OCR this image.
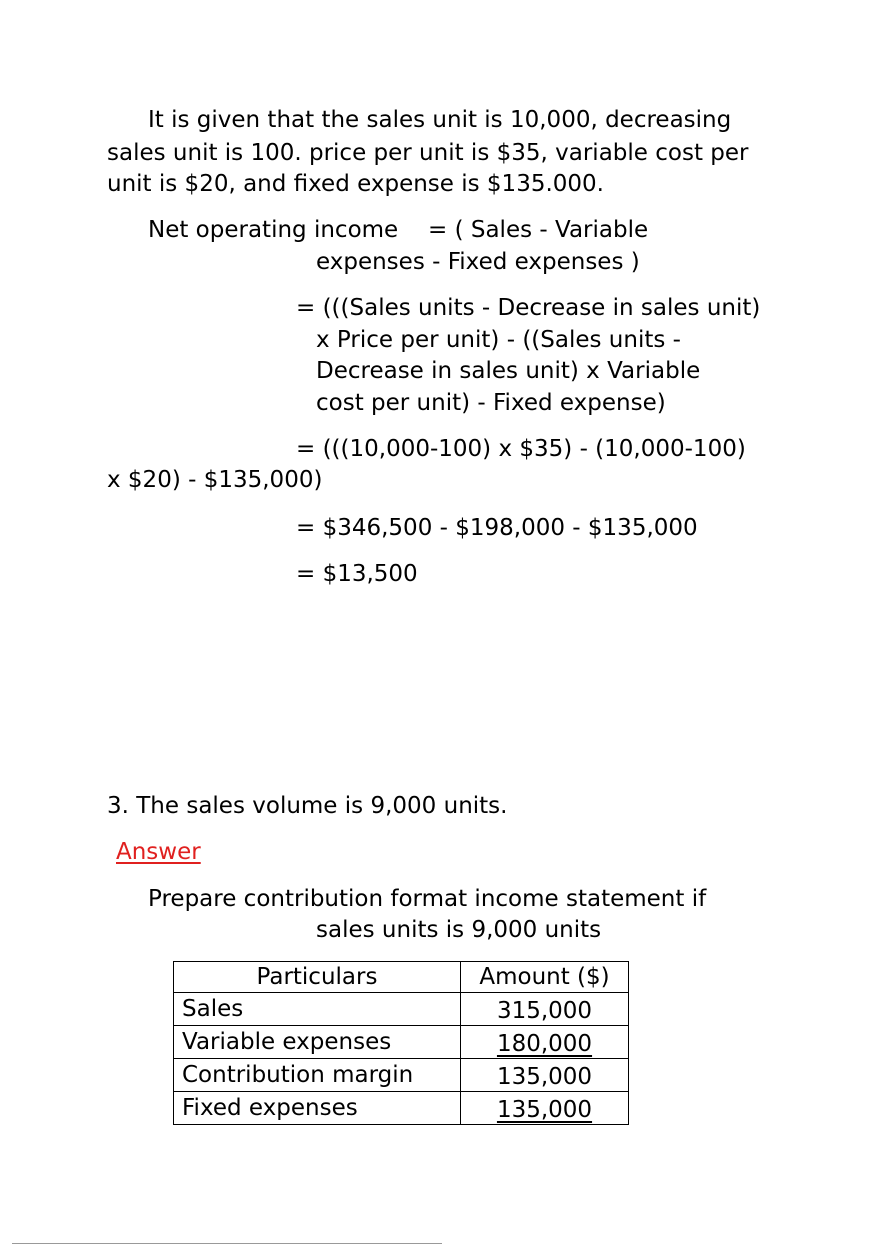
It is given that the sales unit is 10,000, decreasing

sales unit is 100. price per unit is $35, variable cost per

unit is $20, and fixed expense is $135.000.

Net operating income = ( Sales - Variable

expenses - Fixed expenses )

= (((Sales units - Decrease in sales unit)

x Price per unit) - ((Sales units -

Decrease in sales unit) x Variable

cost per unit) - Fixed expense)

= (((10,000-100) x $35) - (10,000-100)

x $20) - $135,000)

= $346,500 - $198,000 - $135,000

= $13,500

3. The sales volume is 9,000 units.

Answer

Prepare contribution format income statement if

sales units is 9,000 units

Particulars	Amount ($)
Sales	315,000
Variable expenses	180,000
Contribution margin	135,000
Fixed expenses	135,000
